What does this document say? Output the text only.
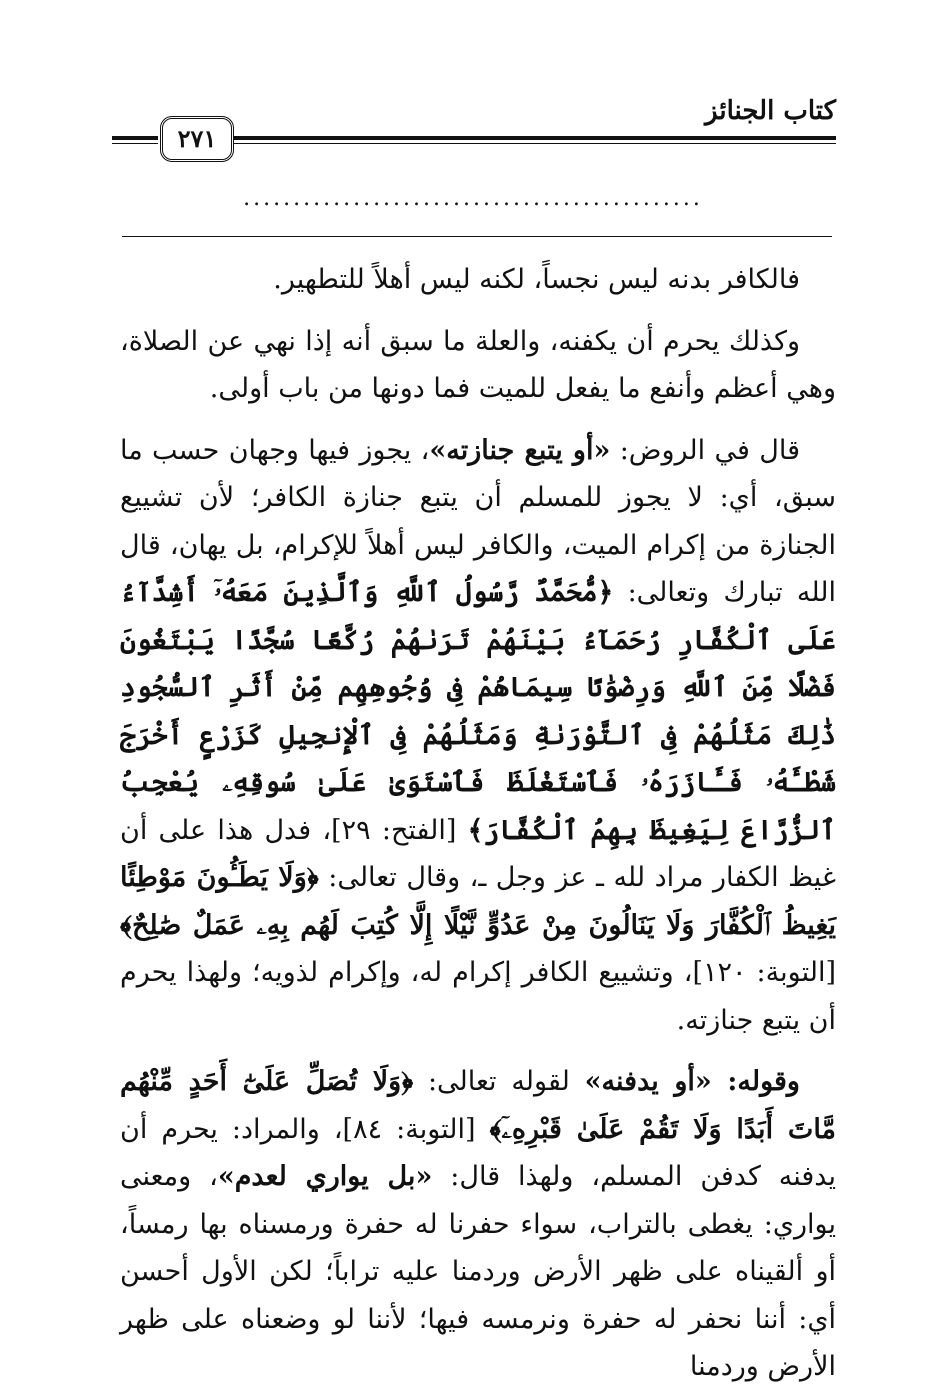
كتاب الجنائز
٢٧١
..............................................

فالكافر بدنه ليس نجساً، لكنه ليس أهلاً للتطهير.

وكذلك يحرم أن يكفنه، والعلة ما سبق أنه إذا نهي عن الصلاة، وهي أعظم وأنفع ما يفعل للميت فما دونها من باب أولى.

قال في الروض: «أو يتبع جنازته»، يجوز فيها وجهان حسب ما سبق، أي: لا يجوز للمسلم أن يتبع جنازة الكافر؛ لأن تشييع الجنازة من إكرام الميت، والكافر ليس أهلاً للإكرام، بل يهان، قال الله تبارك وتعالى: ﴿مُّحَمَّدٌ رَّسُولُ ٱللَّهِ وَٱلَّذِينَ مَعَهُۥٓ أَشِدَّآءُ عَلَى ٱلْكُفَّارِ رُحَمَآءُ بَيْنَهُمْ تَرَىٰهُمْ رُكَّعًا سُجَّدًا يَبْتَغُونَ فَضْلًا مِّنَ ٱللَّهِ وَرِضْوَٰنًا سِيمَاهُمْ فِى وُجُوهِهِم مِّنْ أَثَرِ ٱلسُّجُودِ ذَٰلِكَ مَثَلُهُمْ فِى ٱلتَّوْرَىٰةِ وَمَثَلُهُمْ فِى ٱلْإِنجِيلِ كَزَرْعٍ أَخْرَجَ شَطْـَٔهُۥ فَـَٔازَرَهُۥ فَٱسْتَغْلَظَ فَٱسْتَوَىٰ عَلَىٰ سُوقِهِۦ يُعْجِبُ ٱلزُّرَّاعَ لِيَغِيظَ بِهِمُ ٱلْكُفَّارَ﴾ [الفتح: ٢٩]، فدل هذا على أن غيظ الكفار مراد لله ـ عز وجل ـ، وقال تعالى: ﴿وَلَا يَطَـُٔونَ مَوْطِئًا يَغِيظُ ٱلْكُفَّارَ وَلَا يَنَالُونَ مِنْ عَدُوٍّ نَّيْلًا إِلَّا كُتِبَ لَهُم بِهِۦ عَمَلٌ صَٰلِحٌ﴾ [التوبة: ١٢٠]، وتشييع الكافر إكرام له، وإكرام لذويه؛ ولهذا يحرم أن يتبع جنازته.

وقوله: «أو يدفنه» لقوله تعالى: ﴿وَلَا تُصَلِّ عَلَىٰٓ أَحَدٍ مِّنْهُم مَّاتَ أَبَدًا وَلَا تَقُمْ عَلَىٰ قَبْرِهِۦٓ﴾ [التوبة: ٨٤]، والمراد: يحرم أن يدفنه كدفن المسلم، ولهذا قال: «بل يواري لعدم»، ومعنى يواري: يغطى بالتراب، سواء حفرنا له حفرة ورمسناه بها رمساً، أو ألقيناه على ظهر الأرض وردمنا عليه تراباً؛ لكن الأول أحسن أي: أننا نحفر له حفرة ونرمسه فيها؛ لأننا لو وضعناه على ظهر الأرض وردمنا
